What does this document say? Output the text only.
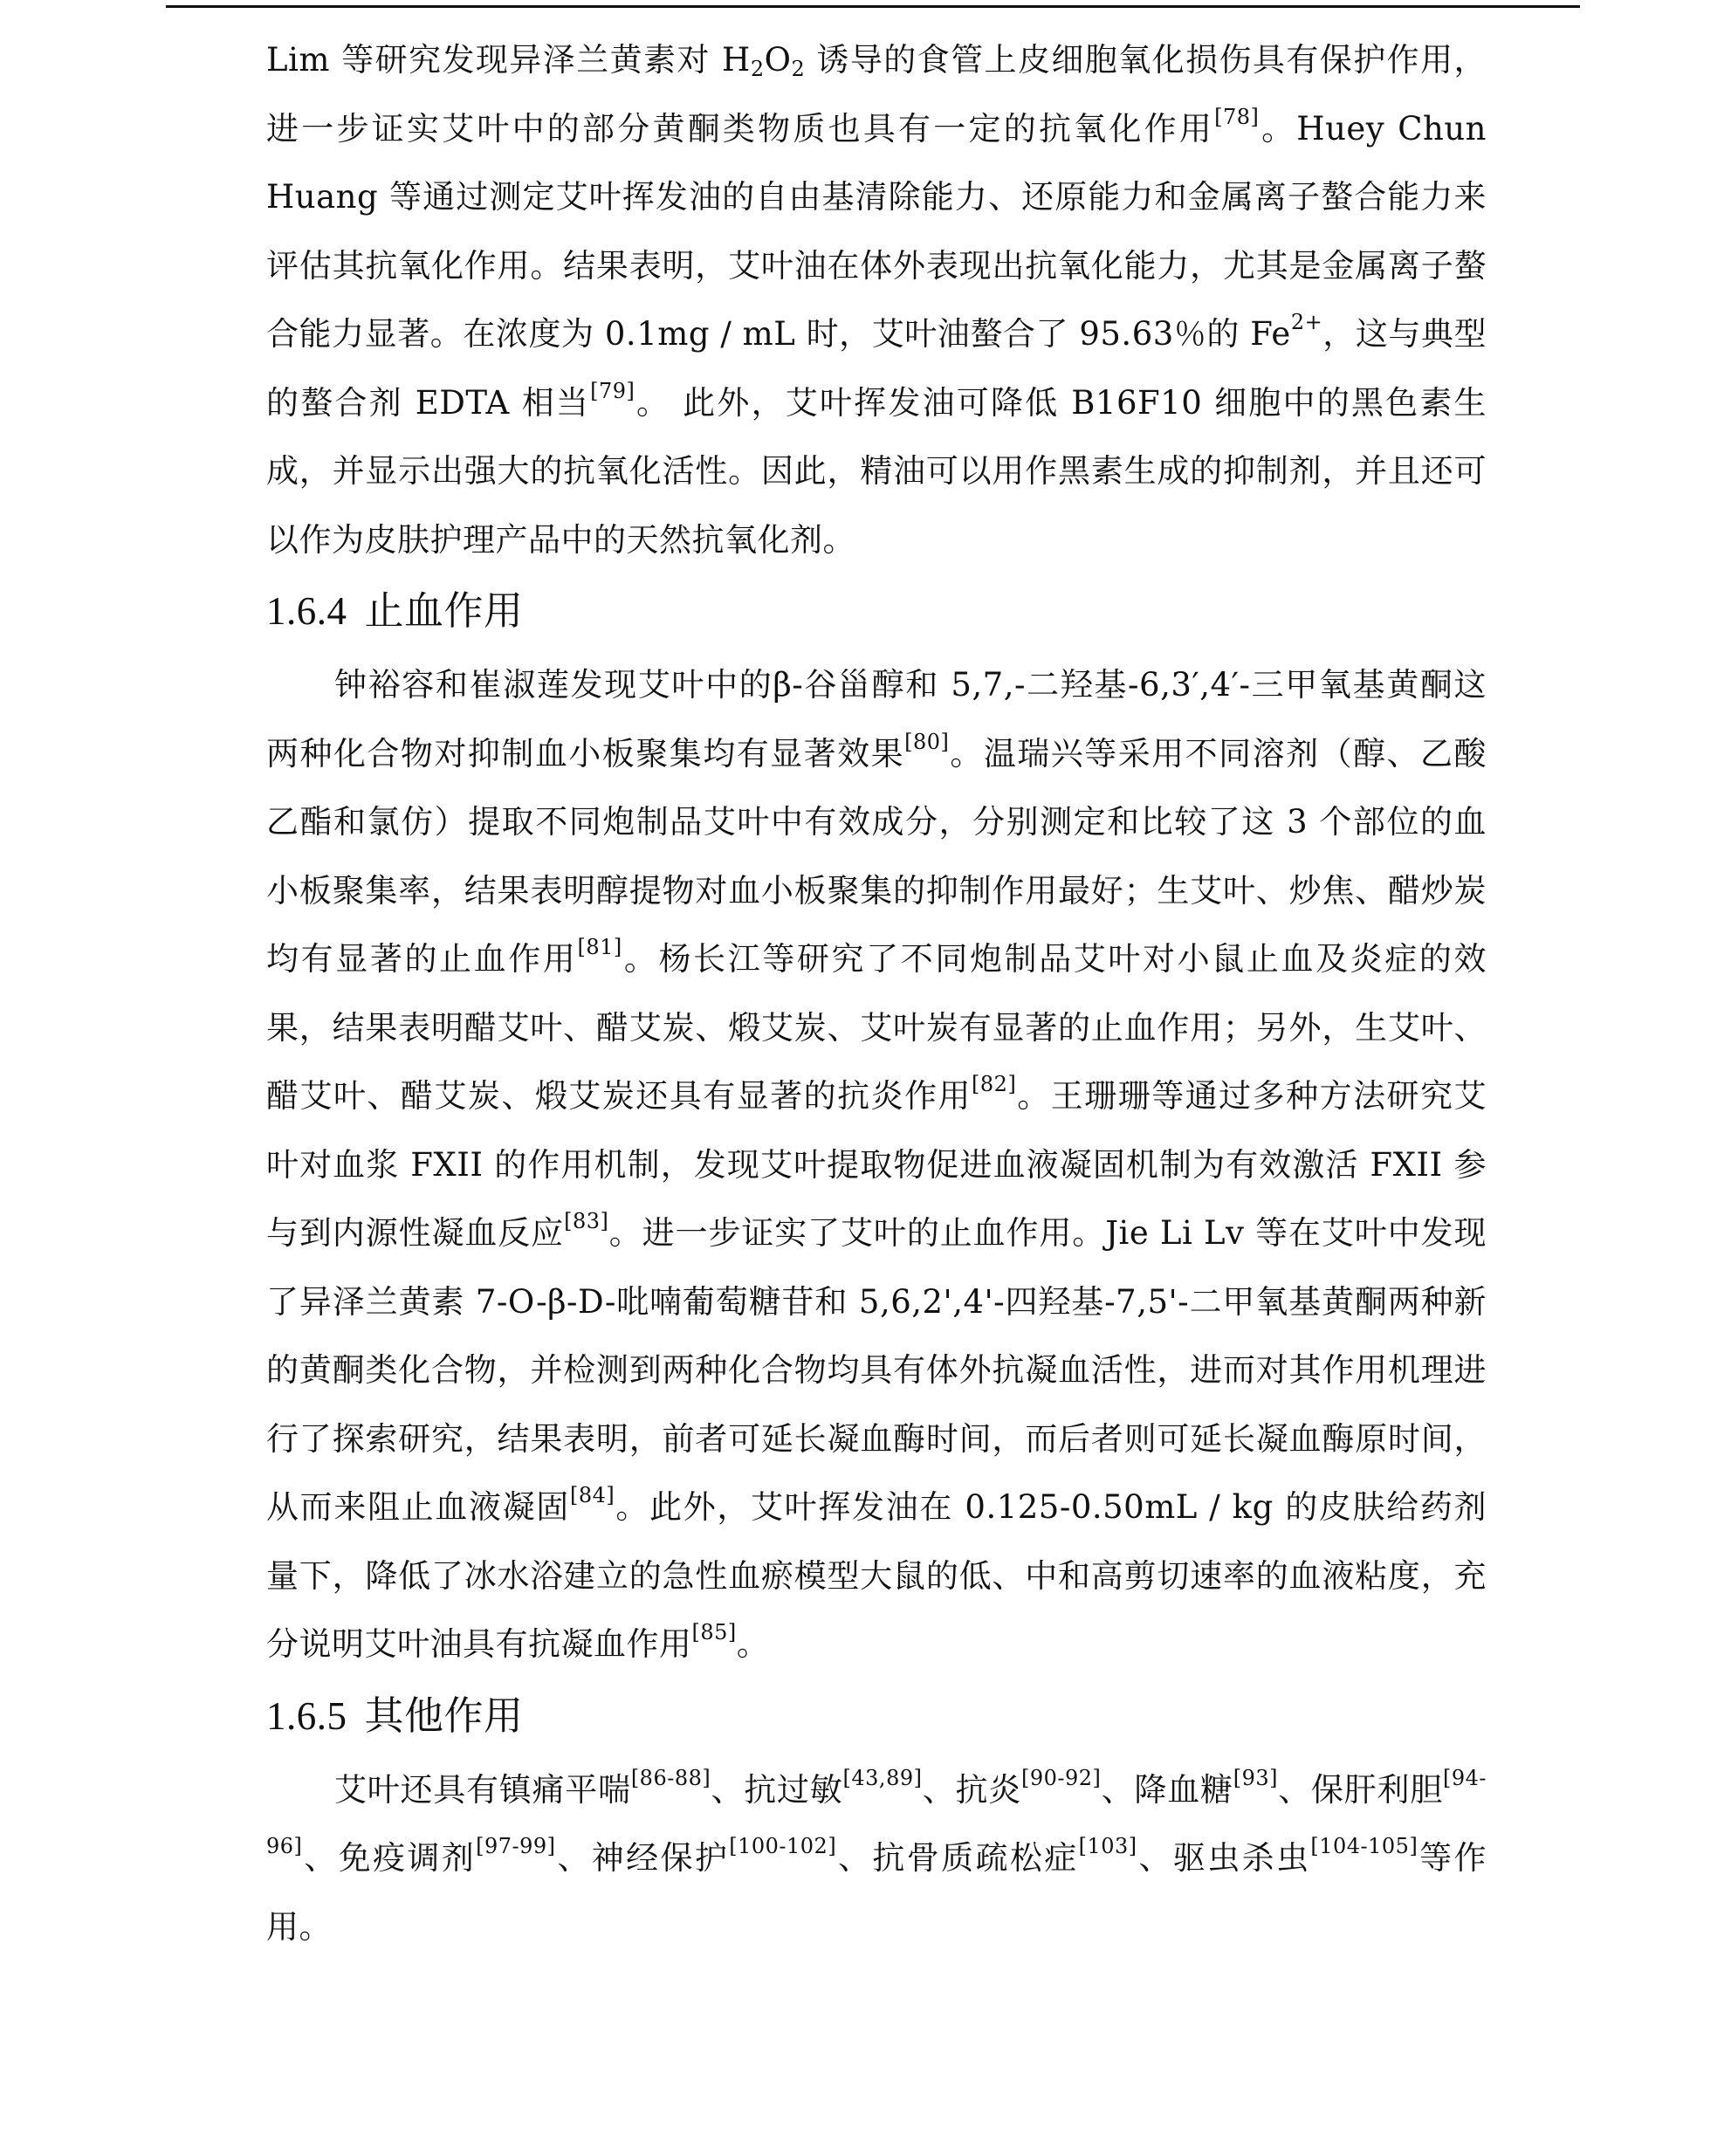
Lim 等研究发现异泽兰黄素对 $H_2O_2$ 诱导的食管上皮细胞氧化损伤具有保护作用，进一步证实艾叶中的部分黄酮类物质也具有一定的抗氧化作用[78]。Huey Chun Huang 等通过测定艾叶挥发油的自由基清除能力、还原能力和金属离子螯合能力来评估其抗氧化作用。结果表明，艾叶油在体外表现出抗氧化能力，尤其是金属离子螯合能力显著。在浓度为 0.1mg / mL 时，艾叶油螯合了 95.63％的 $Fe^{2+}$，这与典型的螯合剂 EDTA 相当[79]。 此外，艾叶挥发油可降低 B16F10 细胞中的黑色素生成，并显示出强大的抗氧化活性。因此，精油可以用作黑素生成的抑制剂，并且还可以作为皮肤护理产品中的天然抗氧化剂。

1.6.4 止血作用

钟裕容和崔淑莲发现艾叶中的β-谷甾醇和 5,7,-二羟基-6,3′,4′-三甲氧基黄酮这两种化合物对抑制血小板聚集均有显著效果[80]。温瑞兴等采用不同溶剂（醇、乙酸乙酯和氯仿）提取不同炮制品艾叶中有效成分，分别测定和比较了这 3 个部位的血小板聚集率，结果表明醇提物对血小板聚集的抑制作用最好；生艾叶、炒焦、醋炒炭均有显著的止血作用[81]。杨长江等研究了不同炮制品艾叶对小鼠止血及炎症的效果，结果表明醋艾叶、醋艾炭、煅艾炭、艾叶炭有显著的止血作用；另外，生艾叶、醋艾叶、醋艾炭、煅艾炭还具有显著的抗炎作用[82]。王珊珊等通过多种方法研究艾叶对血浆 FXII 的作用机制，发现艾叶提取物促进血液凝固机制为有效激活 FXII 参与到内源性凝血反应[83]。进一步证实了艾叶的止血作用。Jie Li Lv 等在艾叶中发现了异泽兰黄素 7-O-β-D-吡喃葡萄糖苷和 5,6,2',4'-四羟基-7,5'-二甲氧基黄酮两种新的黄酮类化合物，并检测到两种化合物均具有体外抗凝血活性，进而对其作用机理进行了探索研究，结果表明，前者可延长凝血酶时间，而后者则可延长凝血酶原时间，从而来阻止血液凝固[84]。此外，艾叶挥发油在 0.125-0.50mL / kg 的皮肤给药剂量下，降低了冰水浴建立的急性血瘀模型大鼠的低、中和高剪切速率的血液粘度，充分说明艾叶油具有抗凝血作用[85]。

1.6.5 其他作用

艾叶还具有镇痛平喘[86-88]、抗过敏[43,89]、抗炎[90-92]、降血糖[93]、保肝利胆[94-96]、免疫调剂[97-99]、神经保护[100-102]、抗骨质疏松症[103]、驱虫杀虫[104-105]等作用。
